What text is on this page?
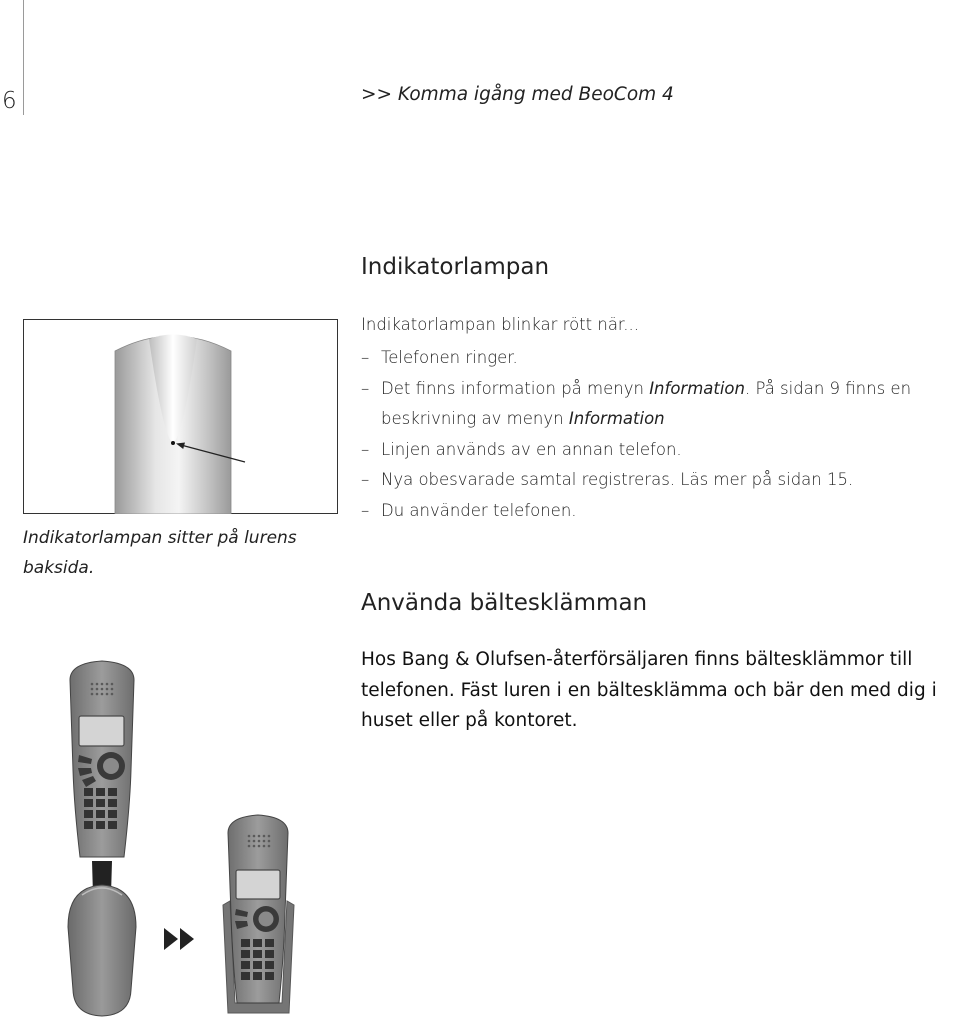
6	>> Komma igång med BeoCom 4
Indikatorlampan
Indikatorlampan blinkar rött när...
– Telefonen ringer.
– Det finns information på menyn Information. På sidan 9 finns en
beskrivning av menyn Information
– Linjen används av en annan telefon.
– Nya obesvarade samtal registreras. Läs mer på sidan 15.
– Du använder telefonen.
Indikatorlampan sitter på lurens baksida.
Använda bältesklämman
Hos Bang & Olufsen-återförsäljaren finns bältesklämmor till telefonen. Fäst luren i en bältesklämma och bär den med dig i huset eller på kontoret.
